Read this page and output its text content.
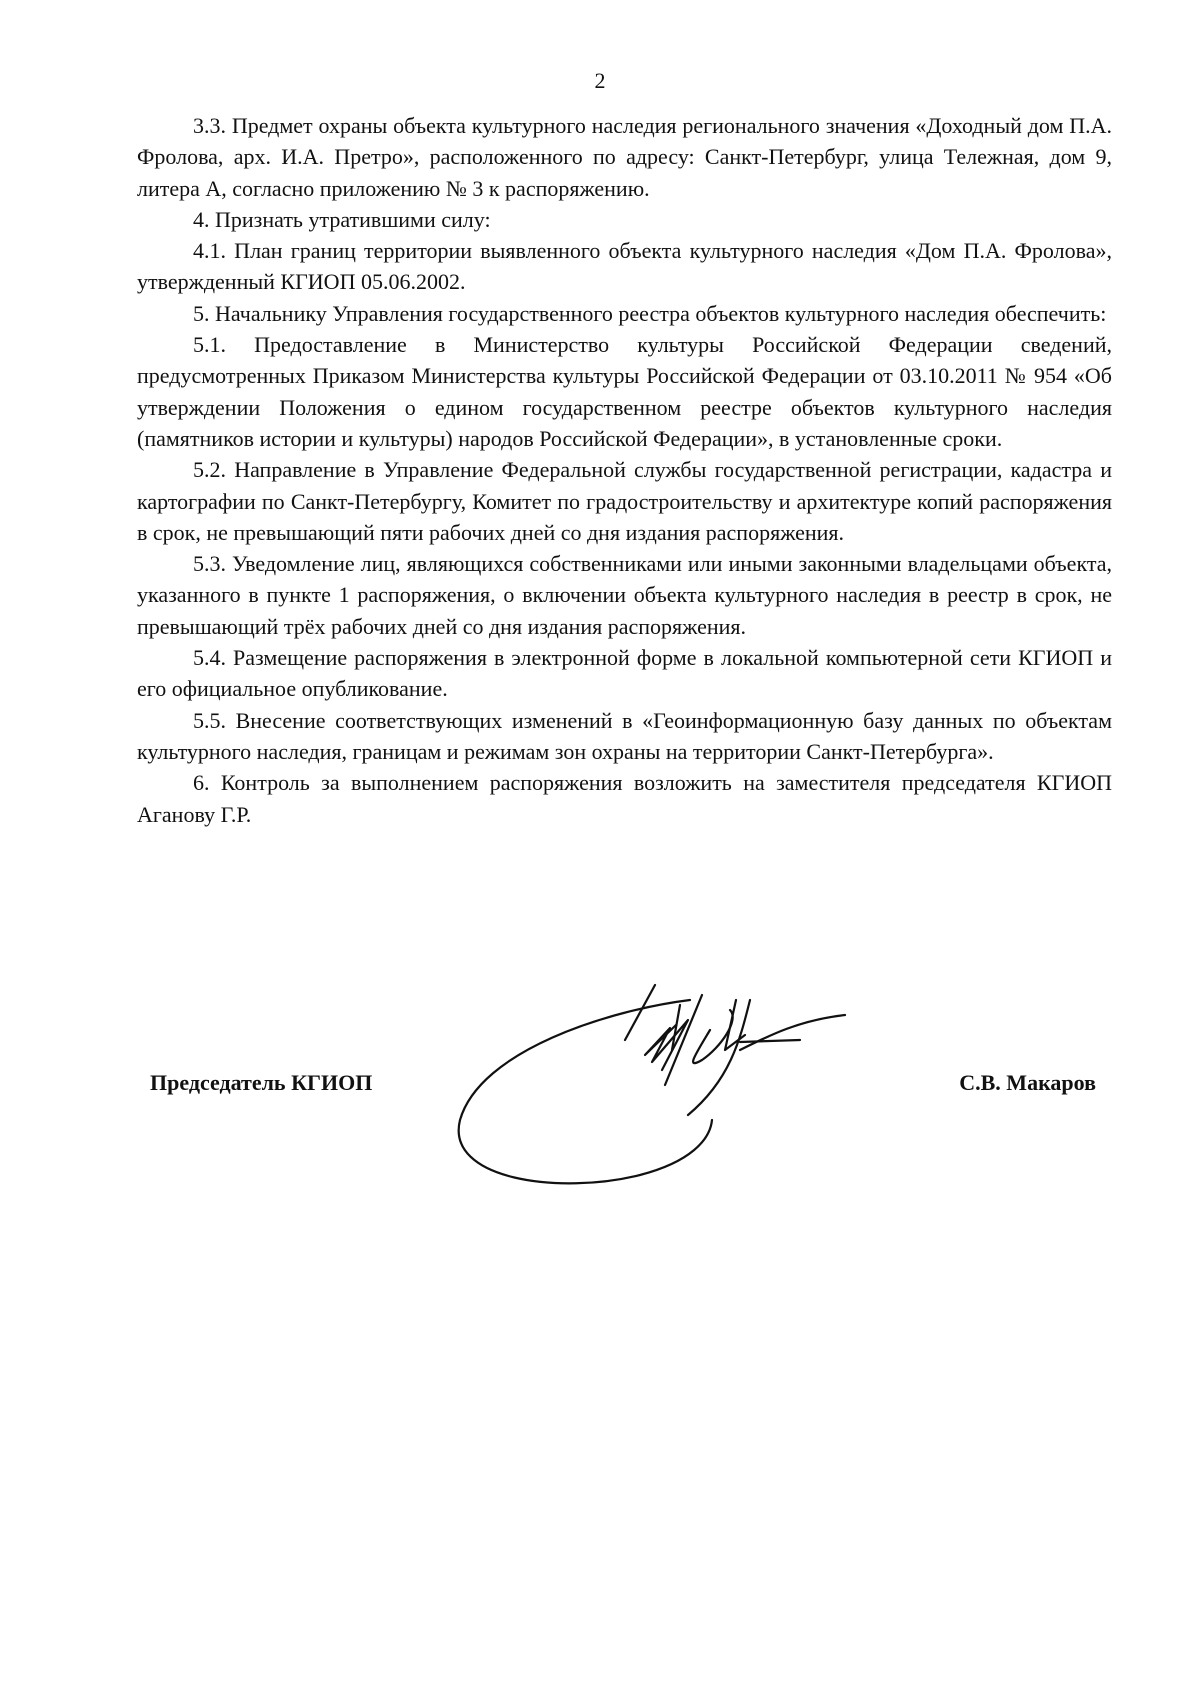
2

3.3. Предмет охраны объекта культурного наследия регионального значения «Доходный дом П.А. Фролова, арх. И.А. Претро», расположенного по адресу: Санкт-Петербург, улица Тележная, дом 9, литера А, согласно приложению № 3 к распоряжению.

4. Признать утратившими силу:

4.1. План границ территории выявленного объекта культурного наследия «Дом П.А. Фролова», утвержденный КГИОП 05.06.2002.

5. Начальнику Управления государственного реестра объектов культурного наследия обеспечить:

5.1. Предоставление в Министерство культуры Российской Федерации сведений, предусмотренных Приказом Министерства культуры Российской Федерации от 03.10.2011 № 954 «Об утверждении Положения о едином государственном реестре объектов культурного наследия (памятников истории и культуры) народов Российской Федерации», в установленные сроки.

5.2. Направление в Управление Федеральной службы государственной регистрации, кадастра и картографии по Санкт-Петербургу, Комитет по градостроительству и архитектуре копий распоряжения в срок, не превышающий пяти рабочих дней со дня издания распоряжения.

5.3. Уведомление лиц, являющихся собственниками или иными законными владельцами объекта, указанного в пункте 1 распоряжения, о включении объекта культурного наследия в реестр в срок, не превышающий трёх рабочих дней со дня издания распоряжения.

5.4. Размещение распоряжения в электронной форме в локальной компьютерной сети КГИОП и его официальное опубликование.

5.5. Внесение соответствующих изменений в «Геоинформационную базу данных по объектам культурного наследия, границам и режимам зон охраны на территории Санкт-Петербурга».

6. Контроль за выполнением распоряжения возложить на заместителя председателя КГИОП Аганову Г.Р.

Председатель КГИОП	С.В. Макаров
